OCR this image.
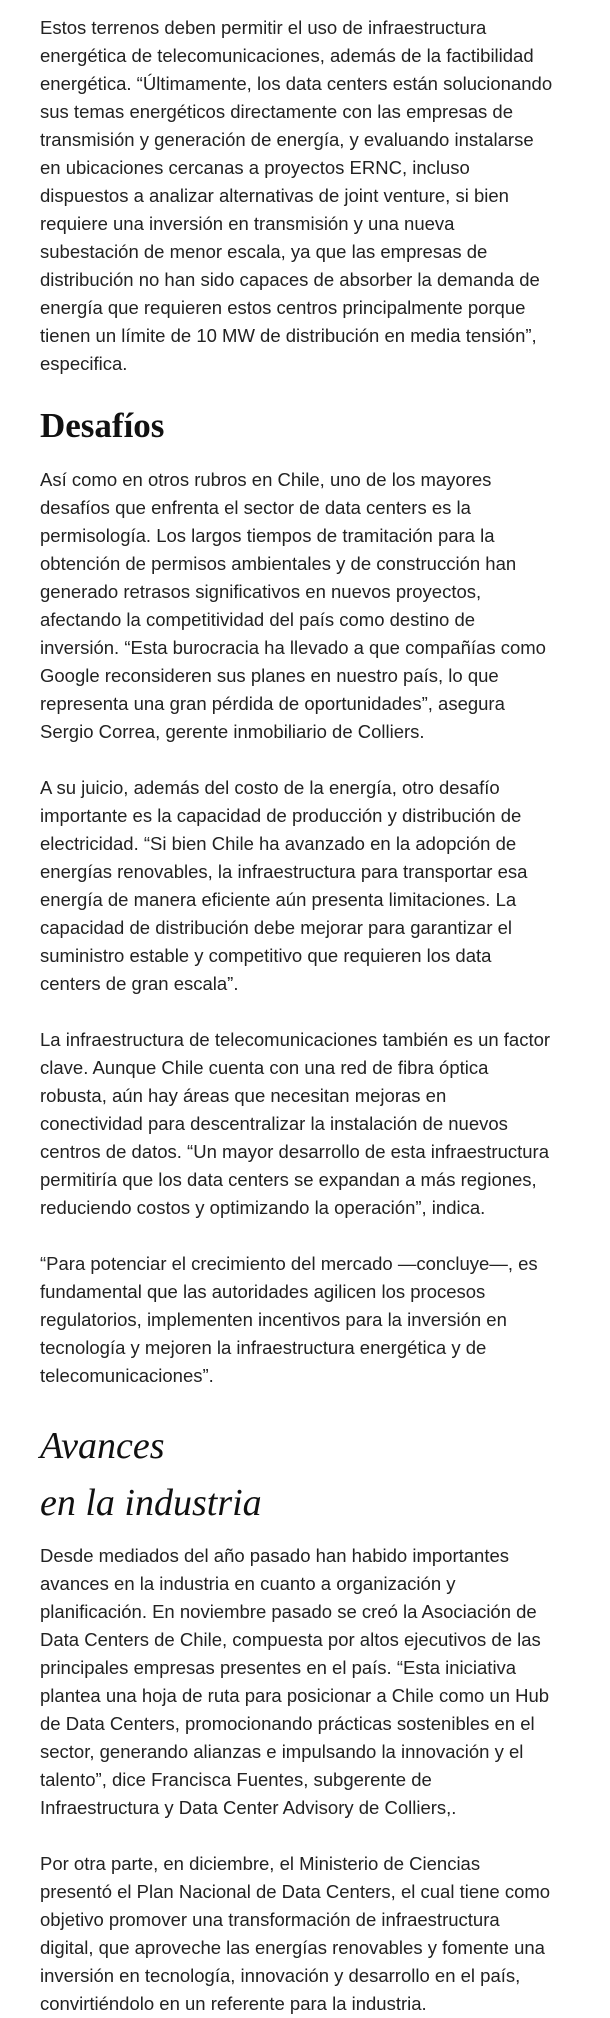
Estos terrenos deben permitir el uso de infraestructura
energética de telecomunicaciones, además de la factibilidad
energética. “Últimamente, los data centers están solucionando
sus temas energéticos directamente con las empresas de
transmisión y generación de energía, y evaluando instalarse
en ubicaciones cercanas a proyectos ERNC, incluso
dispuestos a analizar alternativas de joint venture, si bien
requiere una inversión en transmisión y una nueva
subestación de menor escala, ya que las empresas de
distribución no han sido capaces de absorber la demanda de
energía que requieren estos centros principalmente porque
tienen un límite de 10 MW de distribución en media tensión”,
especifica.

Desafíos

Así como en otros rubros en Chile, uno de los mayores
desafíos que enfrenta el sector de data centers es la
permisología. Los largos tiempos de tramitación para la
obtención de permisos ambientales y de construcción han
generado retrasos significativos en nuevos proyectos,
afectando la competitividad del país como destino de
inversión. “Esta burocracia ha llevado a que compañías como
Google reconsideren sus planes en nuestro país, lo que
representa una gran pérdida de oportunidades”, asegura
Sergio Correa, gerente inmobiliario de Colliers.

A su juicio, además del costo de la energía, otro desafío
importante es la capacidad de producción y distribución de
electricidad. “Si bien Chile ha avanzado en la adopción de
energías renovables, la infraestructura para transportar esa
energía de manera eficiente aún presenta limitaciones. La
capacidad de distribución debe mejorar para garantizar el
suministro estable y competitivo que requieren los data
centers de gran escala”.

La infraestructura de telecomunicaciones también es un factor
clave. Aunque Chile cuenta con una red de fibra óptica
robusta, aún hay áreas que necesitan mejoras en
conectividad para descentralizar la instalación de nuevos
centros de datos. “Un mayor desarrollo de esta infraestructura
permitiría que los data centers se expandan a más regiones,
reduciendo costos y optimizando la operación”, indica.

“Para potenciar el crecimiento del mercado —concluye—, es
fundamental que las autoridades agilicen los procesos
regulatorios, implementen incentivos para la inversión en
tecnología y mejoren la infraestructura energética y de
telecomunicaciones”.

Avances
en la industria

Desde mediados del año pasado han habido importantes
avances en la industria en cuanto a organización y
planificación. En noviembre pasado se creó la Asociación de
Data Centers de Chile, compuesta por altos ejecutivos de las
principales empresas presentes en el país. “Esta iniciativa
plantea una hoja de ruta para posicionar a Chile como un Hub
de Data Centers, promocionando prácticas sostenibles en el
sector, generando alianzas e impulsando la innovación y el
talento”, dice Francisca Fuentes, subgerente de
Infraestructura y Data Center Advisory de Colliers,.

Por otra parte, en diciembre, el Ministerio de Ciencias
presentó el Plan Nacional de Data Centers, el cual tiene como
objetivo promover una transformación de infraestructura
digital, que aproveche las energías renovables y fomente una
inversión en tecnología, innovación y desarrollo en el país,
convirtiéndolo en un referente para la industria.
